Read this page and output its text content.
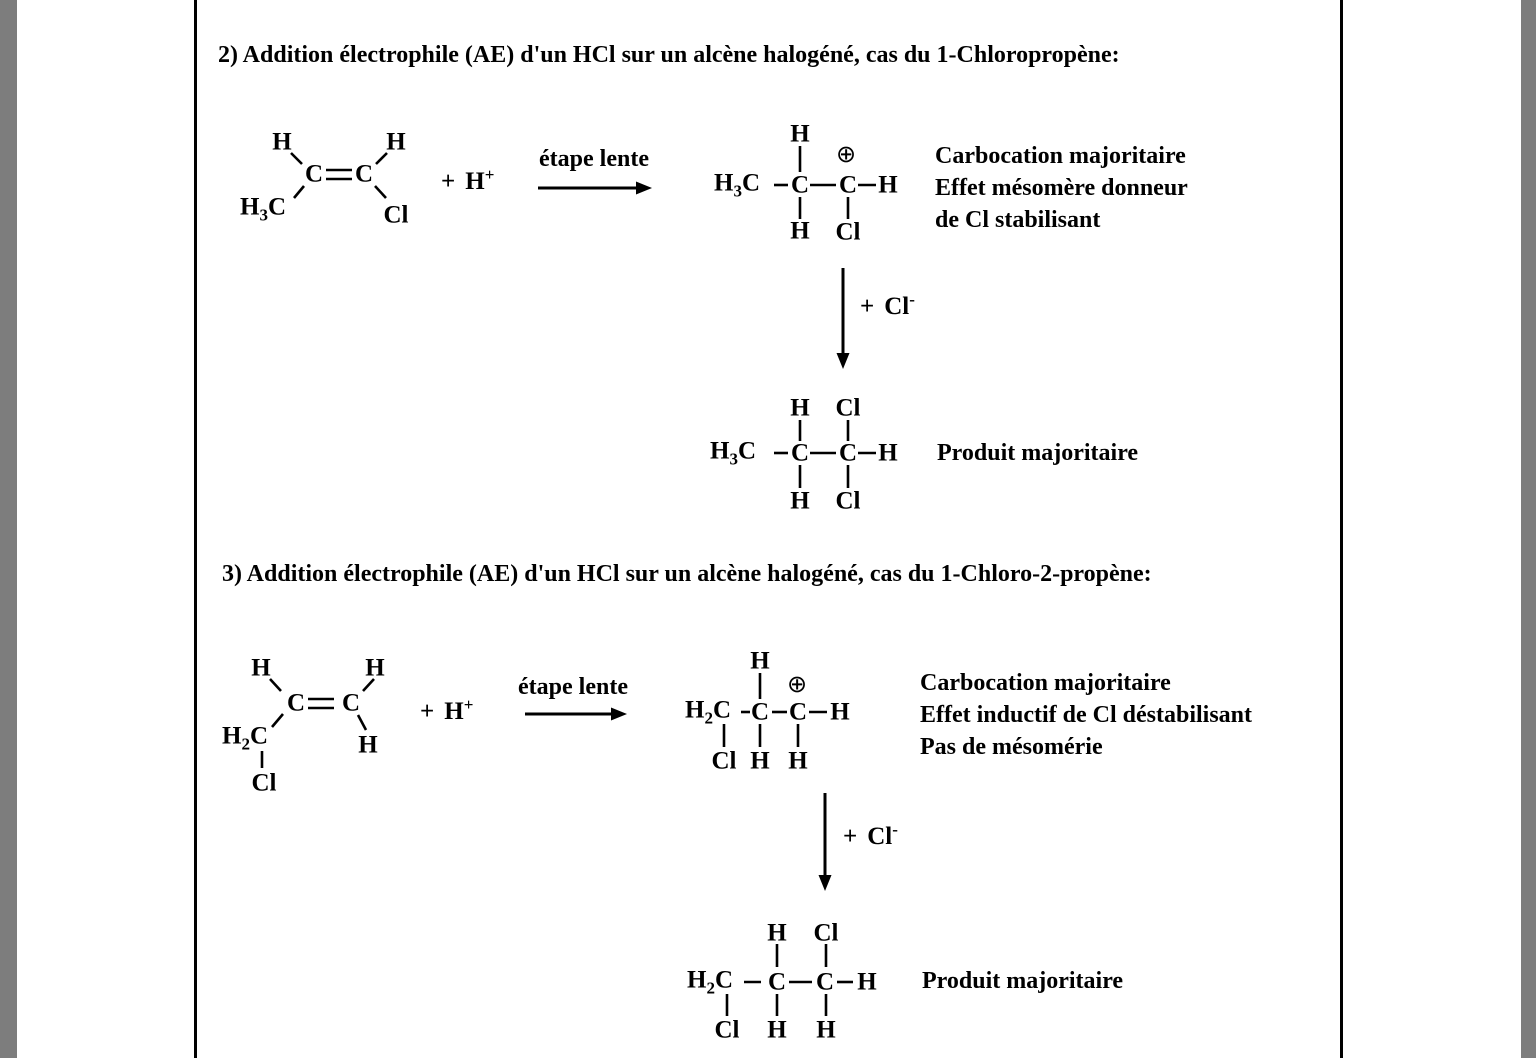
2) Addition électrophile (AE) d'un HCl sur un alcène halogéné, cas du 1-Chloropropène:
H
C C
H
$H_3C$	Cl
+ H+
étape lente
$H_3C$ C C H
H
⊕
H Cl
Carbocation majoritaire
Effet mésomère donneur
de Cl stabilisant
+ Cl-
H Cl
$H_3C$ C C H
H Cl
Produit majoritaire
3) Addition électrophile (AE) d'un HCl sur un alcène halogéné, cas du 1-Chloro-2-propène:
H
C C
H
$H_2C$	H
Cl
+ H+
étape lente
$H_2C$ C C H
H
⊕
Cl H H
Carbocation majoritaire
Effet inductif de Cl déstabilisant
Pas de mésomérie
+ Cl-
H Cl
$H_2C$ C C H
Cl H H
Produit majoritaire
